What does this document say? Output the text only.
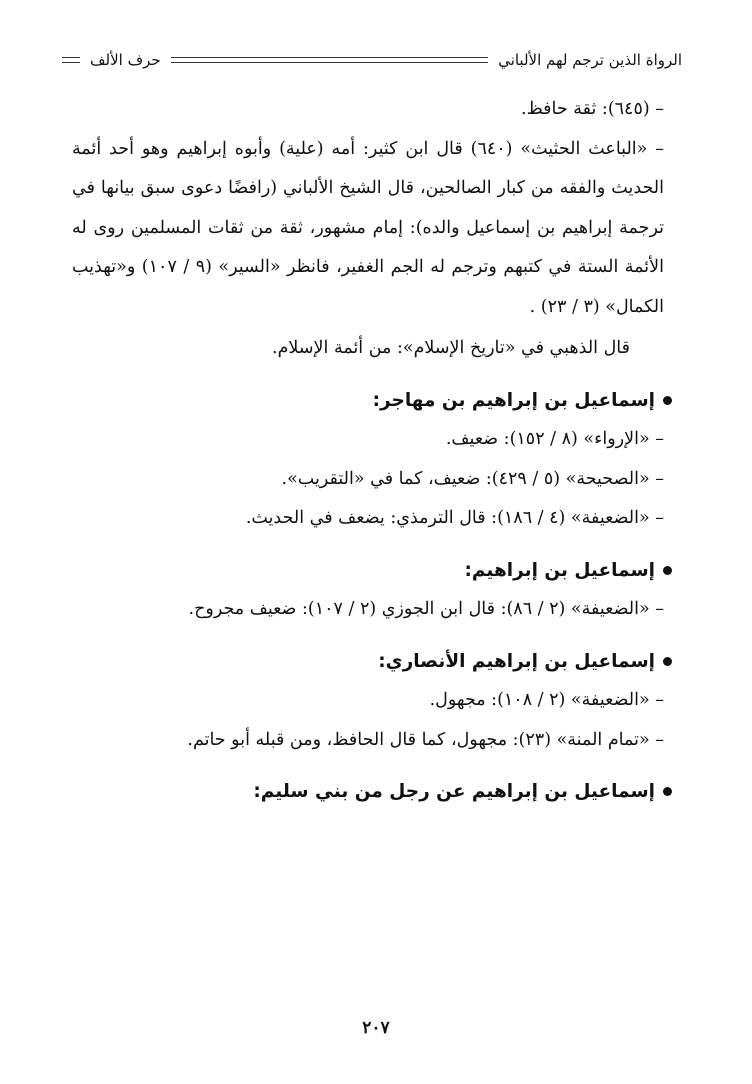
الرواة الذين ترجم لهم الألباني
حرف الألف

– (٦٤٥): ثقة حافظ.

– «الباعث الحثيث» (٦٤٠) قال ابن كثير: أمه (علية) وأبوه إبراهيم وهو أحد أئمة الحديث والفقه من كبار الصالحين، قال الشيخ الألباني (رافضًا دعوى سبق بيانها في ترجمة إبراهيم بن إسماعيل والده): إمام مشهور، ثقة من ثقات المسلمين روى له الأئمة الستة في كتبهم وترجم له الجم الغفير، فانظر «السير» (٩ / ١٠٧) و«تهذيب الكمال» (٣ / ٢٣) .

قال الذهبي في «تاريخ الإسلام»: من أئمة الإسلام.

إسماعيل بن إبراهيم بن مهاجر:

– «الإرواء» (٨ / ١٥٢): ضعيف.

– «الصحيحة» (٥ / ٤٢٩): ضعيف، كما في «التقريب».

– «الضعيفة» (٤ / ١٨٦): قال الترمذي: يضعف في الحديث.

إسماعيل بن إبراهيم:

– «الضعيفة» (٢ / ٨٦): قال ابن الجوزي (٢ / ١٠٧): ضعيف مجروح.

إسماعيل بن إبراهيم الأنصاري:

– «الضعيفة» (٢ / ١٠٨): مجهول.

– «تمام المنة» (٢٣): مجهول، كما قال الحافظ، ومن قبله أبو حاتم.

إسماعيل بن إبراهيم عن رجل من بني سليم:
٢٠٧
